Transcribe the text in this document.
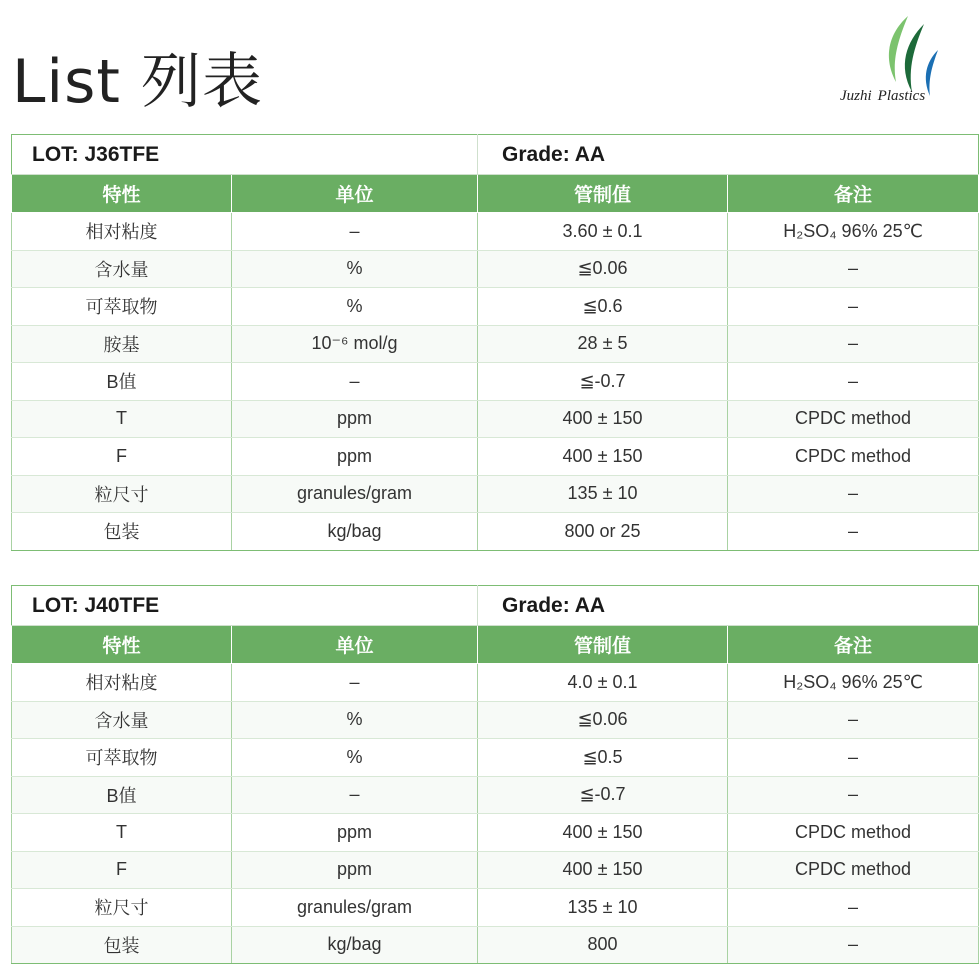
List 列表	Juzhi Plastics
LOT: J36TFE		Grade: AA	
特性	单位	管制值	备注
相对粘度	–	3.60 ± 0.1	H₂SO₄ 96% 25℃
含水量	%	≦0.06	–
可萃取物	%	≦0.6	–
胺基	10⁻⁶ mol/g	28 ± 5	–
B值	–	≦-0.7	–
T	ppm	400 ± 150	CPDC method
F	ppm	400 ± 150	CPDC method
粒尺寸	granules/gram	135 ± 10	–
包装	kg/bag	800 or 25	–
LOT: J40TFE		Grade: AA	
特性	单位	管制值	备注
相对粘度	–	4.0 ± 0.1	H₂SO₄ 96% 25℃
含水量	%	≦0.06	–
可萃取物	%	≦0.5	–
B值	–	≦-0.7	–
T	ppm	400 ± 150	CPDC method
F	ppm	400 ± 150	CPDC method
粒尺寸	granules/gram	135 ± 10	–
包装	kg/bag	800	–
